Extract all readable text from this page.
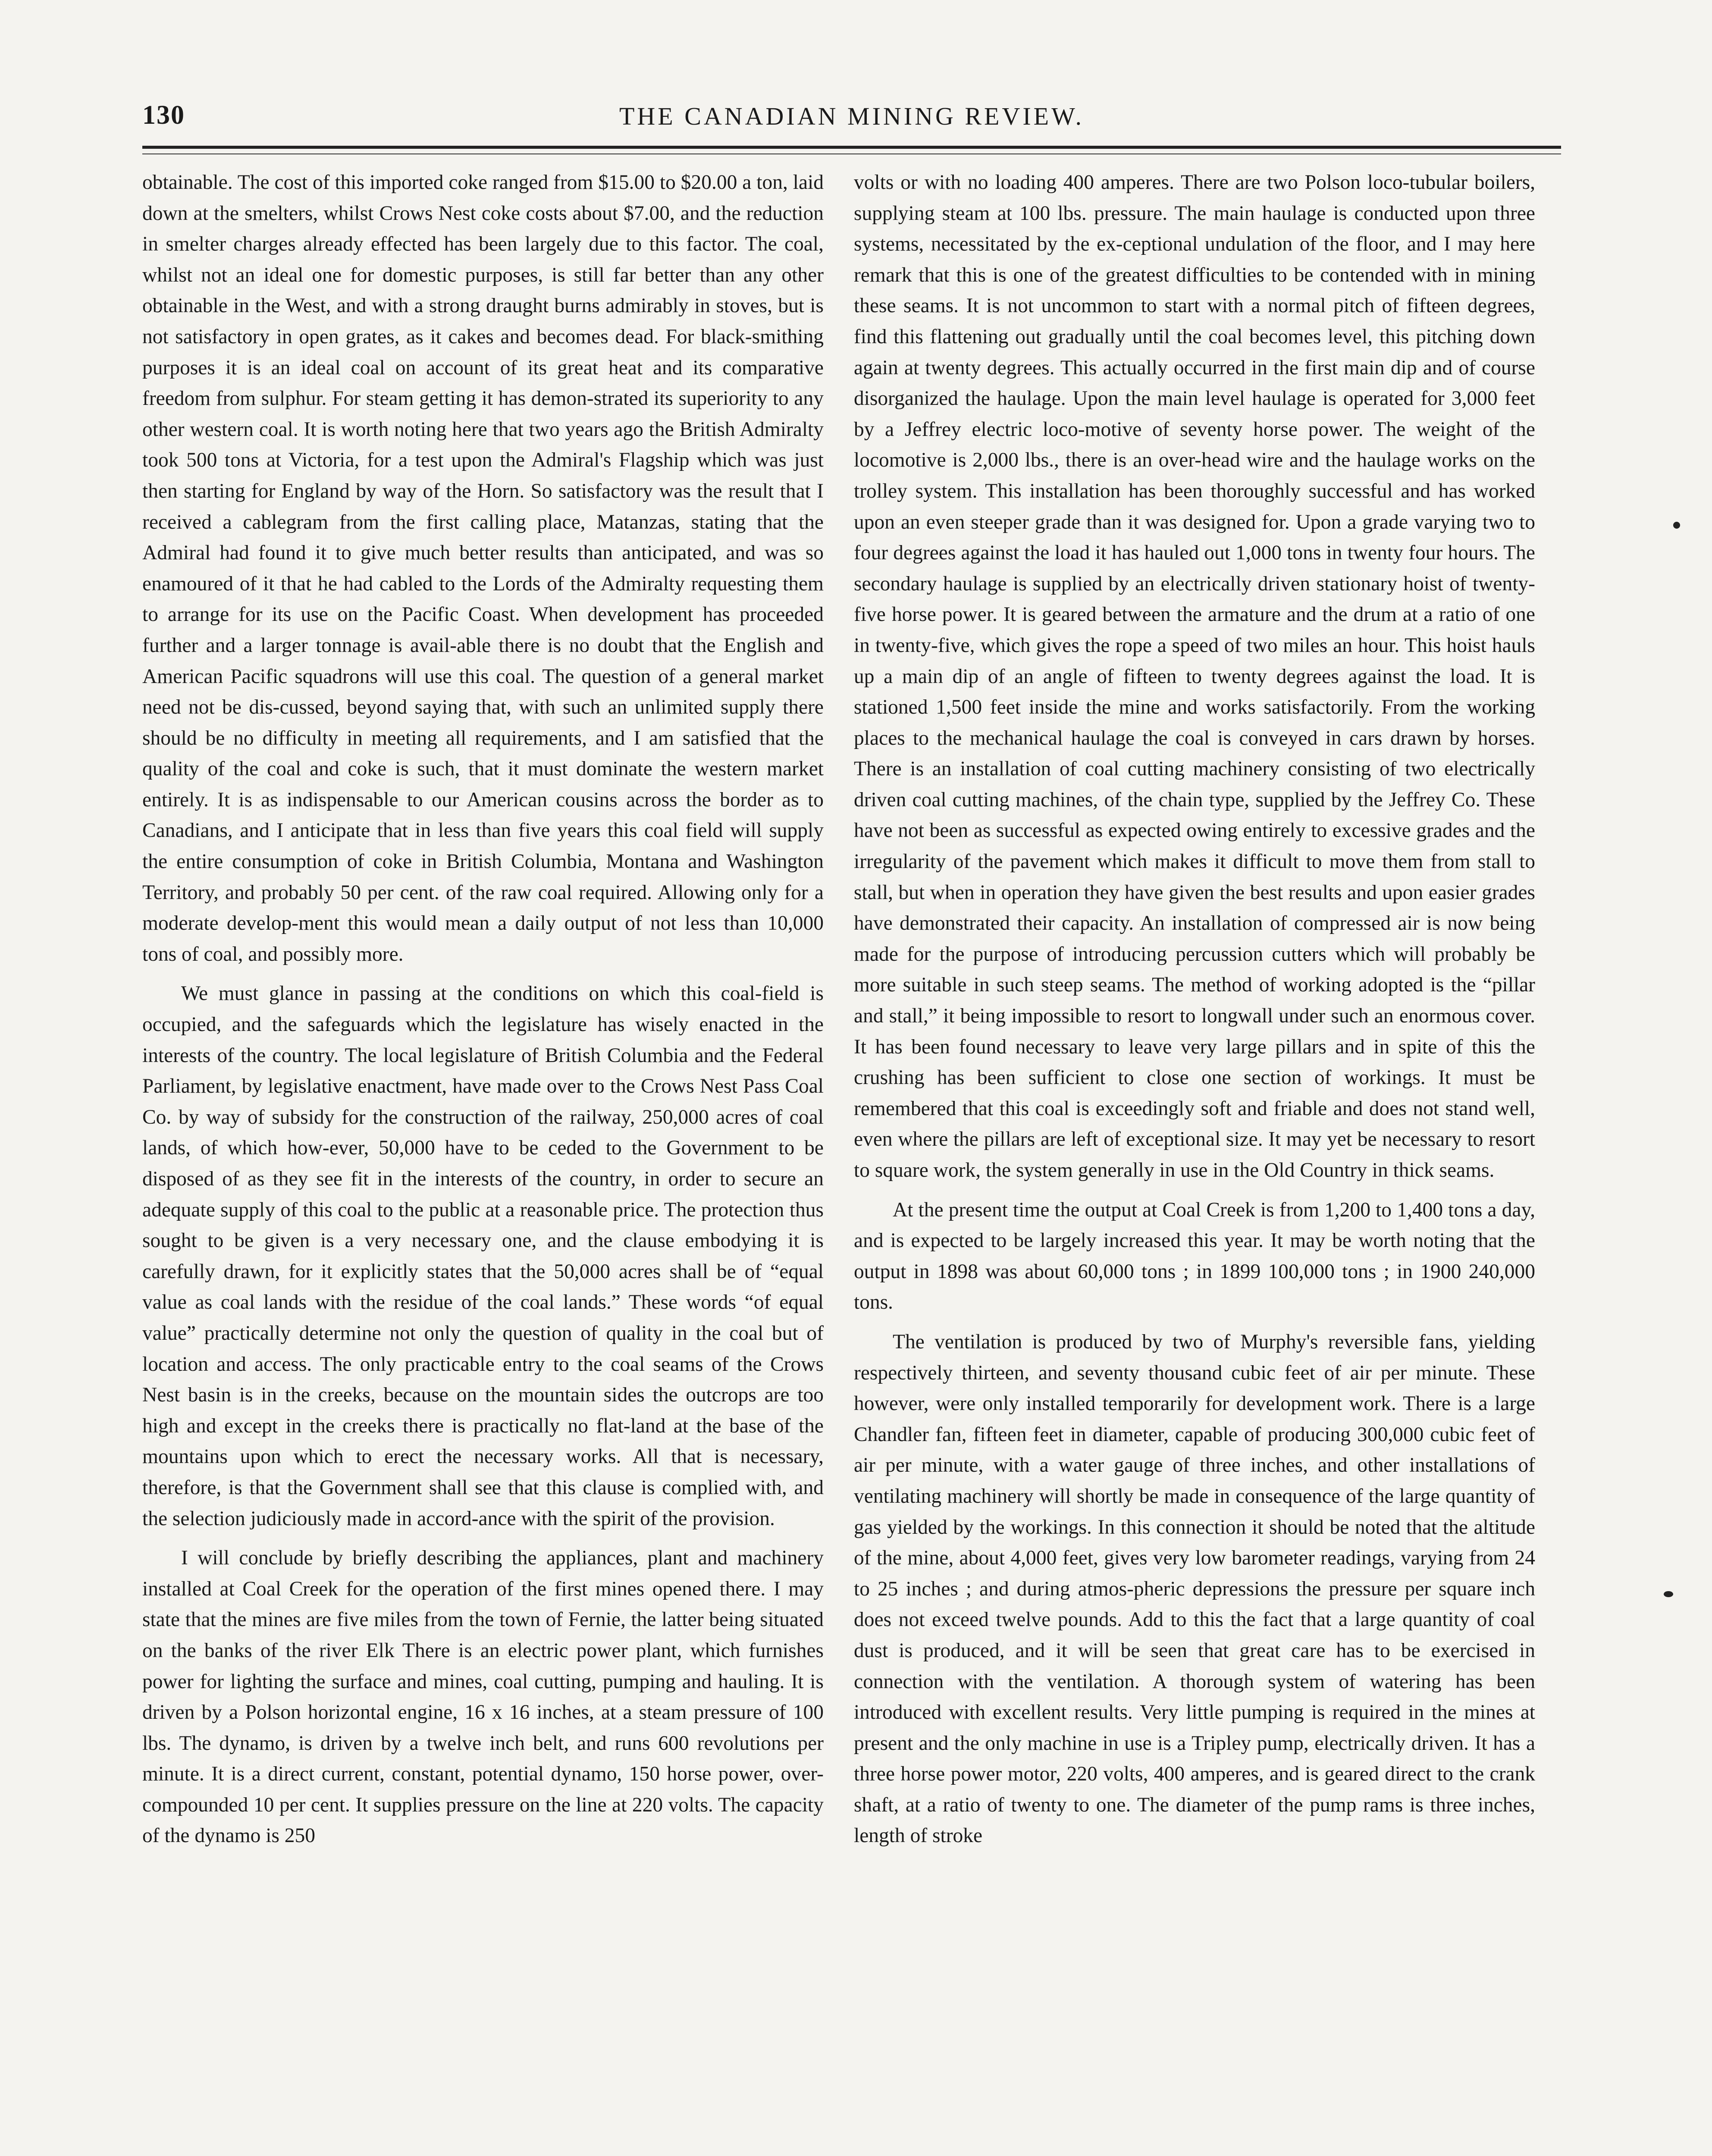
130	THE CANADIAN MINING REVIEW.

obtainable. The cost of this imported coke ranged from $15.00 to $20.00 a ton, laid down at the smelters, whilst Crows Nest coke costs about $7.00, and the reduction in smelter charges already effected has been largely due to this factor. The coal, whilst not an ideal one for domestic purposes, is still far better than any other obtainable in the West, and with a strong draught burns admirably in stoves, but is not satisfactory in open grates, as it cakes and becomes dead. For black-smithing purposes it is an ideal coal on account of its great heat and its comparative freedom from sulphur. For steam getting it has demon-strated its superiority to any other western coal. It is worth noting here that two years ago the British Admiralty took 500 tons at Victoria, for a test upon the Admiral's Flagship which was just then starting for England by way of the Horn. So satisfactory was the result that I received a cablegram from the first calling place, Matanzas, stating that the Admiral had found it to give much better results than anticipated, and was so enamoured of it that he had cabled to the Lords of the Admiralty requesting them to arrange for its use on the Pacific Coast. When development has proceeded further and a larger tonnage is avail-able there is no doubt that the English and American Pacific squadrons will use this coal. The question of a general market need not be dis-cussed, beyond saying that, with such an unlimited supply there should be no difficulty in meeting all requirements, and I am satisfied that the quality of the coal and coke is such, that it must dominate the western market entirely. It is as indispensable to our American cousins across the border as to Canadians, and I anticipate that in less than five years this coal field will supply the entire consumption of coke in British Columbia, Montana and Washington Territory, and probably 50 per cent. of the raw coal required. Allowing only for a moderate develop-ment this would mean a daily output of not less than 10,000 tons of coal, and possibly more.

We must glance in passing at the conditions on which this coal-field is occupied, and the safeguards which the legislature has wisely enacted in the interests of the country. The local legislature of British Columbia and the Federal Parliament, by legislative enactment, have made over to the Crows Nest Pass Coal Co. by way of subsidy for the construction of the railway, 250,000 acres of coal lands, of which how-ever, 50,000 have to be ceded to the Government to be disposed of as they see fit in the interests of the country, in order to secure an adequate supply of this coal to the public at a reasonable price. The protection thus sought to be given is a very necessary one, and the clause embodying it is carefully drawn, for it explicitly states that the 50,000 acres shall be of “equal value as coal lands with the residue of the coal lands.” These words “of equal value” practically determine not only the question of quality in the coal but of location and access. The only practicable entry to the coal seams of the Crows Nest basin is in the creeks, because on the mountain sides the outcrops are too high and except in the creeks there is practically no flat-land at the base of the mountains upon which to erect the necessary works. All that is necessary, therefore, is that the Government shall see that this clause is complied with, and the selection judiciously made in accord-ance with the spirit of the provision.

I will conclude by briefly describing the appliances, plant and machinery installed at Coal Creek for the operation of the first mines opened there. I may state that the mines are five miles from the town of Fernie, the latter being situated on the banks of the river Elk There is an electric power plant, which furnishes power for lighting the surface and mines, coal cutting, pumping and hauling. It is driven by a Polson horizontal engine, 16 x 16 inches, at a steam pressure of 100 lbs. The dynamo, is driven by a twelve inch belt, and runs 600 revolutions per minute. It is a direct current, constant, potential dynamo, 150 horse power, over-compounded 10 per cent. It supplies pressure on the line at 220 volts. The capacity of the dynamo is 250

volts or with no loading 400 amperes. There are two Polson loco-tubular boilers, supplying steam at 100 lbs. pressure. The main haulage is conducted upon three systems, necessitated by the ex-ceptional undulation of the floor, and I may here remark that this is one of the greatest difficulties to be contended with in mining these seams. It is not uncommon to start with a normal pitch of fifteen degrees, find this flattening out gradually until the coal becomes level, this pitching down again at twenty degrees. This actually occurred in the first main dip and of course disorganized the haulage. Upon the main level haulage is operated for 3,000 feet by a Jeffrey electric loco-motive of seventy horse power. The weight of the locomotive is 2,000 lbs., there is an over-head wire and the haulage works on the trolley system. This installation has been thoroughly successful and has worked upon an even steeper grade than it was designed for. Upon a grade varying two to four degrees against the load it has hauled out 1,000 tons in twenty four hours. The secondary haulage is supplied by an electrically driven stationary hoist of twenty-five horse power. It is geared between the armature and the drum at a ratio of one in twenty-five, which gives the rope a speed of two miles an hour. This hoist hauls up a main dip of an angle of fifteen to twenty degrees against the load. It is stationed 1,500 feet inside the mine and works satisfactorily. From the working places to the mechanical haulage the coal is conveyed in cars drawn by horses. There is an installation of coal cutting machinery consisting of two electrically driven coal cutting machines, of the chain type, supplied by the Jeffrey Co. These have not been as successful as expected owing entirely to excessive grades and the irregularity of the pavement which makes it difficult to move them from stall to stall, but when in operation they have given the best results and upon easier grades have demonstrated their capacity. An installation of compressed air is now being made for the purpose of introducing percussion cutters which will probably be more suitable in such steep seams. The method of working adopted is the “pillar and stall,” it being impossible to resort to longwall under such an enormous cover. It has been found necessary to leave very large pillars and in spite of this the crushing has been sufficient to close one section of workings. It must be remembered that this coal is exceedingly soft and friable and does not stand well, even where the pillars are left of exceptional size. It may yet be necessary to resort to square work, the system generally in use in the Old Country in thick seams.

At the present time the output at Coal Creek is from 1,200 to 1,400 tons a day, and is expected to be largely increased this year. It may be worth noting that the output in 1898 was about 60,000 tons ; in 1899 100,000 tons ; in 1900 240,000 tons.

The ventilation is produced by two of Murphy's reversible fans, yielding respectively thirteen, and seventy thousand cubic feet of air per minute. These however, were only installed temporarily for development work. There is a large Chandler fan, fifteen feet in diameter, capable of producing 300,000 cubic feet of air per minute, with a water gauge of three inches, and other installations of ventilating machinery will shortly be made in consequence of the large quantity of gas yielded by the workings. In this connection it should be noted that the altitude of the mine, about 4,000 feet, gives very low barometer readings, varying from 24 to 25 inches ; and during atmos-pheric depressions the pressure per square inch does not exceed twelve pounds. Add to this the fact that a large quantity of coal dust is produced, and it will be seen that great care has to be exercised in connection with the ventilation. A thorough system of watering has been introduced with excellent results. Very little pumping is required in the mines at present and the only machine in use is a Tripley pump, electrically driven. It has a three horse power motor, 220 volts, 400 amperes, and is geared direct to the crank shaft, at a ratio of twenty to one. The diameter of the pump rams is three inches, length of stroke
